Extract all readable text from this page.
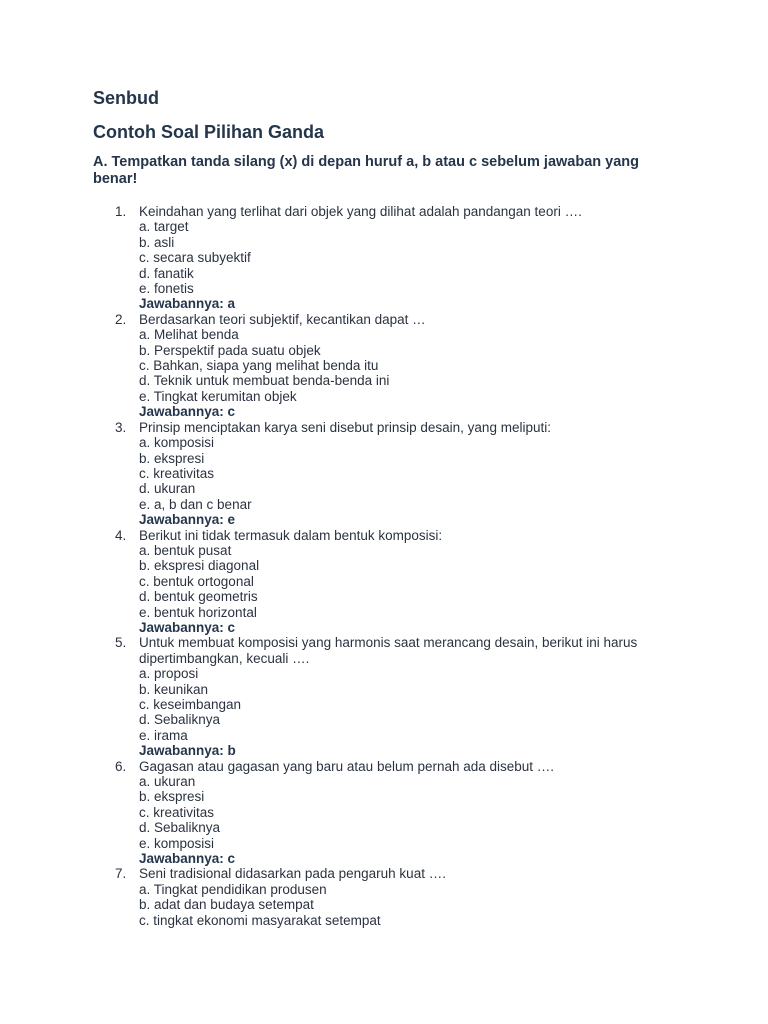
Senbud
Contoh Soal Pilihan Ganda

A. Tempatkan tanda silang (x) di depan huruf a, b atau c sebelum jawaban yang benar!

1. Keindahan yang terlihat dari objek yang dilihat adalah pandangan teori ….
a. target
b. asli
c. secara subyektif
d. fanatik
e. fonetis
Jawabannya: a
2. Berdasarkan teori subjektif, kecantikan dapat …
a. Melihat benda
b. Perspektif pada suatu objek
c. Bahkan, siapa yang melihat benda itu
d. Teknik untuk membuat benda-benda ini
e. Tingkat kerumitan objek
Jawabannya: c
3. Prinsip menciptakan karya seni disebut prinsip desain, yang meliputi:
a. komposisi
b. ekspresi
c. kreativitas
d. ukuran
e. a, b dan c benar
Jawabannya: e
4. Berikut ini tidak termasuk dalam bentuk komposisi:
a. bentuk pusat
b. ekspresi diagonal
c. bentuk ortogonal
d. bentuk geometris
e. bentuk horizontal
Jawabannya: c
5. Untuk membuat komposisi yang harmonis saat merancang desain, berikut ini harus dipertimbangkan, kecuali ….
a. proposi
b. keunikan
c. keseimbangan
d. Sebaliknya
e. irama
Jawabannya: b
6. Gagasan atau gagasan yang baru atau belum pernah ada disebut ….
a. ukuran
b. ekspresi
c. kreativitas
d. Sebaliknya
e. komposisi
Jawabannya: c
7. Seni tradisional didasarkan pada pengaruh kuat ….
a. Tingkat pendidikan produsen
b. adat dan budaya setempat
c. tingkat ekonomi masyarakat setempat
